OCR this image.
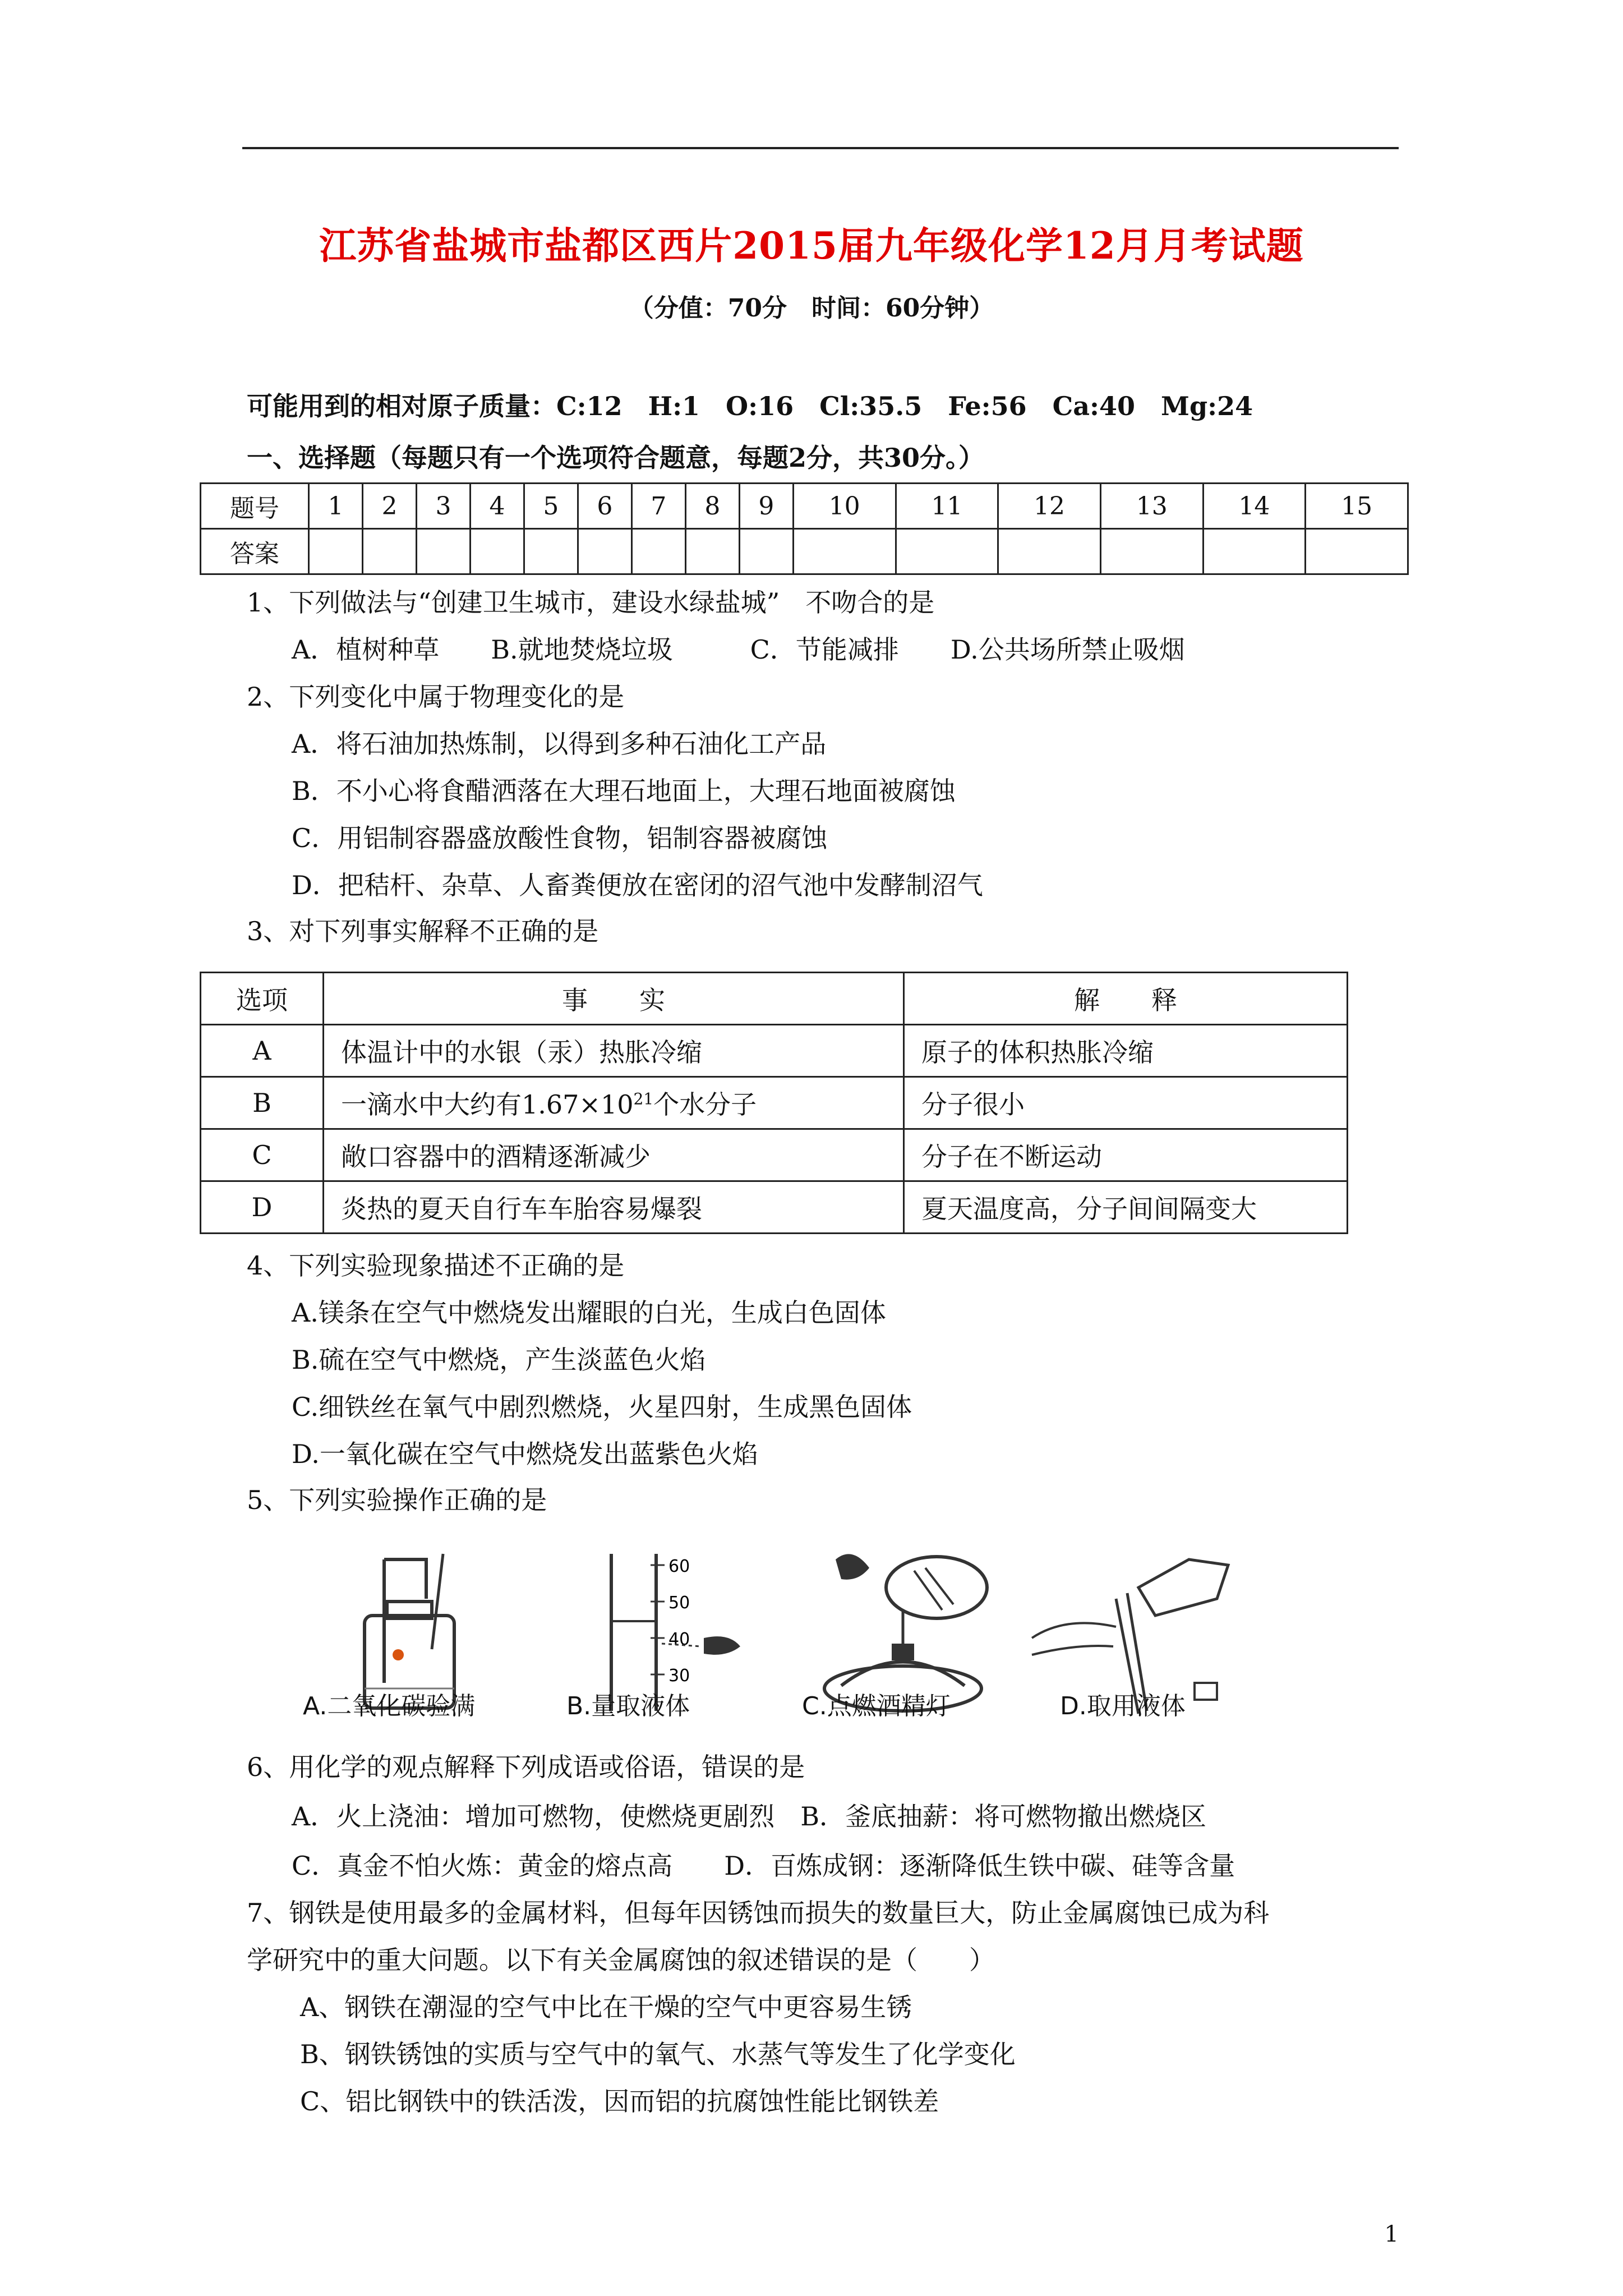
江苏省盐城市盐都区西片2015届九年级化学12月月考试题
（分值：70分　时间：60分钟）
可能用到的相对原子质量：C:12　H:1　O:16　Cl:35.5　Fe:56　Ca:40　Mg:24
一、选择题（每题只有一个选项符合题意，每题2分，共30分。）
题号	1	2	3	4	5	6	7	8	9	10	11	12	13	14	15
答案															
1、下列做法与“创建卫生城市，建设水绿盐城”　不吻合的是
A．植树种草　　B.就地焚烧垃圾　　　C．节能减排　　D.公共场所禁止吸烟
2、下列变化中属于物理变化的是
A．将石油加热炼制，以得到多种石油化工产品
B．不小心将食醋洒落在大理石地面上，大理石地面被腐蚀
C．用铝制容器盛放酸性食物，铝制容器被腐蚀
D．把秸杆、杂草、人畜粪便放在密闭的沼气池中发酵制沼气
3、对下列事实解释不正确的是
选项	事　　实	解　　释
A	体温计中的水银（汞）热胀冷缩	原子的体积热胀冷缩
B	一滴水中大约有$1.67\times 10^{21}$个水分子	分子很小
C	敞口容器中的酒精逐渐减少	分子在不断运动
D	炎热的夏天自行车车胎容易爆裂	夏天温度高，分子间间隔变大
4、下列实验现象描述不正确的是
A.镁条在空气中燃烧发出耀眼的白光，生成白色固体
B.硫在空气中燃烧，产生淡蓝色火焰
C.细铁丝在氧气中剧烈燃烧，火星四射，生成黑色固体
D.一氧化碳在空气中燃烧发出蓝紫色火焰
5、下列实验操作正确的是
A.二氧化碳验满
60
50
40
30
B.量取液体	C.点燃酒精灯	D.取用液体
6、用化学的观点解释下列成语或俗语，错误的是
A．火上浇油：增加可燃物，使燃烧更剧烈　B．釜底抽薪：将可燃物撤出燃烧区
C．真金不怕火炼：黄金的熔点高　　D．百炼成钢：逐渐降低生铁中碳、硅等含量
7、钢铁是使用最多的金属材料，但每年因锈蚀而损失的数量巨大，防止金属腐蚀已成为科
学研究中的重大问题。以下有关金属腐蚀的叙述错误的是（　　）
A、钢铁在潮湿的空气中比在干燥的空气中更容易生锈
B、钢铁锈蚀的实质与空气中的氧气、水蒸气等发生了化学变化
C、铝比钢铁中的铁活泼，因而铝的抗腐蚀性能比钢铁差
1
